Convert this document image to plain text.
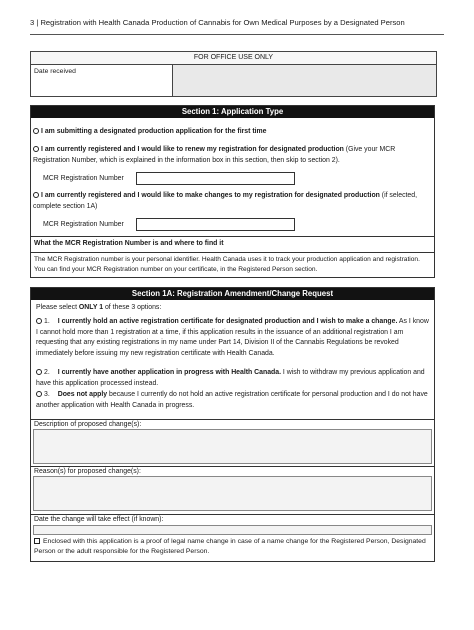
3 | Registration with Health Canada Production of Cannabis for Own Medical Purposes by a Designated Person
FOR OFFICE USE ONLY
Date received
Section 1: Application Type
I am submitting a designated production application for the first time
I am currently registered and I would like to renew my registration for designated production (Give your MCR Registration Number, which is explained in the information box in this section, then skip to section 2).
MCR Registration Number
I am currently registered and I would like to make changes to my registration for designated production (if selected, complete section 1A)
MCR Registration Number
What the MCR Registration Number is and where to find it
The MCR Registration number is your personal identifier. Health Canada uses it to track your production application and registration. You can find your MCR Registration number on your certificate, in the Registered Person section.
Section 1A: Registration Amendment/Change Request
Please select ONLY 1 of these 3 options:
1. I currently hold an active registration certificate for designated production and I wish to make a change. As I know I cannot hold more than 1 registration at a time, if this application results in the issuance of an additional registration I am requesting that any existing registrations in my name under Part 14, Division II of the Cannabis Regulations be revoked immediately before issuing my new registration certificate with Health Canada.
2. I currently have another application in progress with Health Canada. I wish to withdraw my previous application and have this application processed instead.
3. Does not apply because I currently do not hold an active registration certificate for personal production and I do not have another application with Health Canada in progress.
Description of proposed change(s):
Reason(s) for proposed change(s):
Date the change will take effect (if known):
Enclosed with this application is a proof of legal name change in case of a name change for the Registered Person, Designated Person or the adult responsible for the Registered Person.
